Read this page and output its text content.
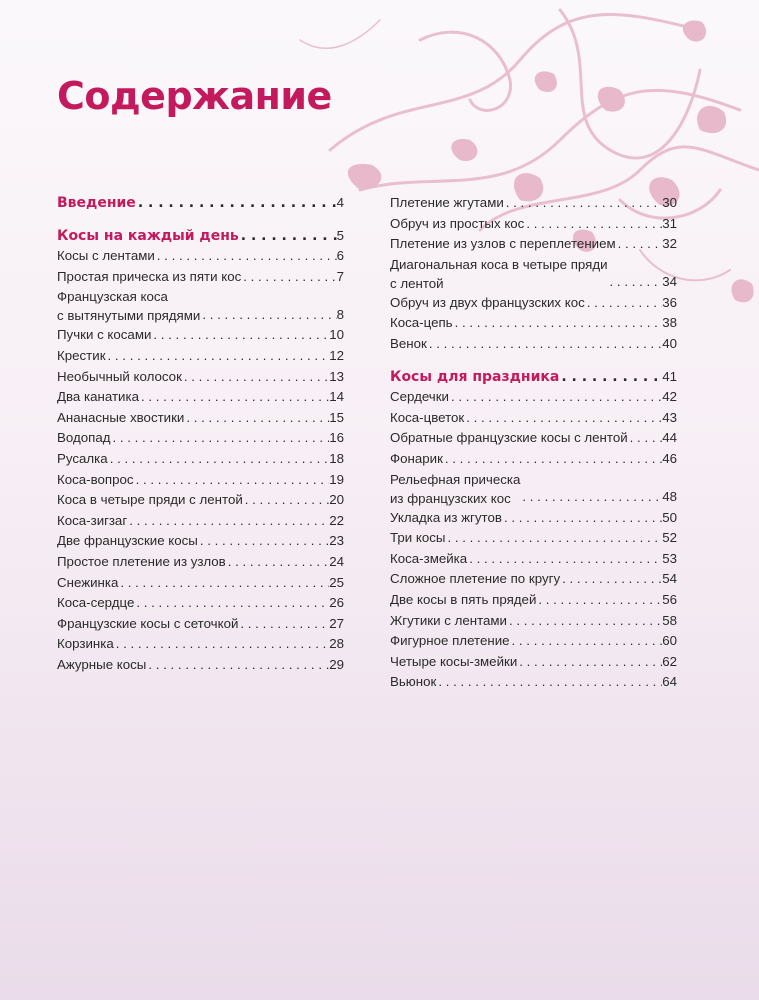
Содержание
Введение . . .	4
Косы на каждый день . . .	5
Косы с лентами . . .	6
Простая прическа из пяти кос . . .	7
Французская коса
с вытянутыми прядями . . .	8
Пучки с косами . . .	10
Крестик . . .	12
Необычный колосок . . .	13
Два канатика . . .	14
Ананасные хвостики . . .	15
Водопад . . .	16
Русалка . . .	18
Коса-вопрос . . .	19
Коса в четыре пряди с лентой . . .	20
Коса-зигзаг . . .	22
Две французские косы . . .	23
Простое плетение из узлов . . .	24
Снежинка . . .	25
Коса-сердце . . .	26
Французские косы с сеточкой . . .	27
Корзинка . . .	28
Ажурные косы . . .	29
Плетение жгутами . . .	30
Обруч из простых кос . . .	31
Плетение из узлов с переплетением . . .	32
Диагональная коса в четыре пряди
с лентой . . .	34
Обруч из двух французских кос . . .	36
Коса-цепь . . .	38
Венок . . .	40
Косы для праздника . . .	41
Сердечки . . .	42
Коса-цветок . . .	43
Обратные французские косы с лентой . . .	44
Фонарик . . .	46
Рельефная прическа
из французских кос . . .	48
Укладка из жгутов . . .	50
Три косы . . .	52
Коса-змейка . . .	53
Сложное плетение по кругу . . .	54
Две косы в пять прядей . . .	56
Жгутики с лентами . . .	58
Фигурное плетение . . .	60
Четыре косы-змейки . . .	62
Вьюнок . . .	64
